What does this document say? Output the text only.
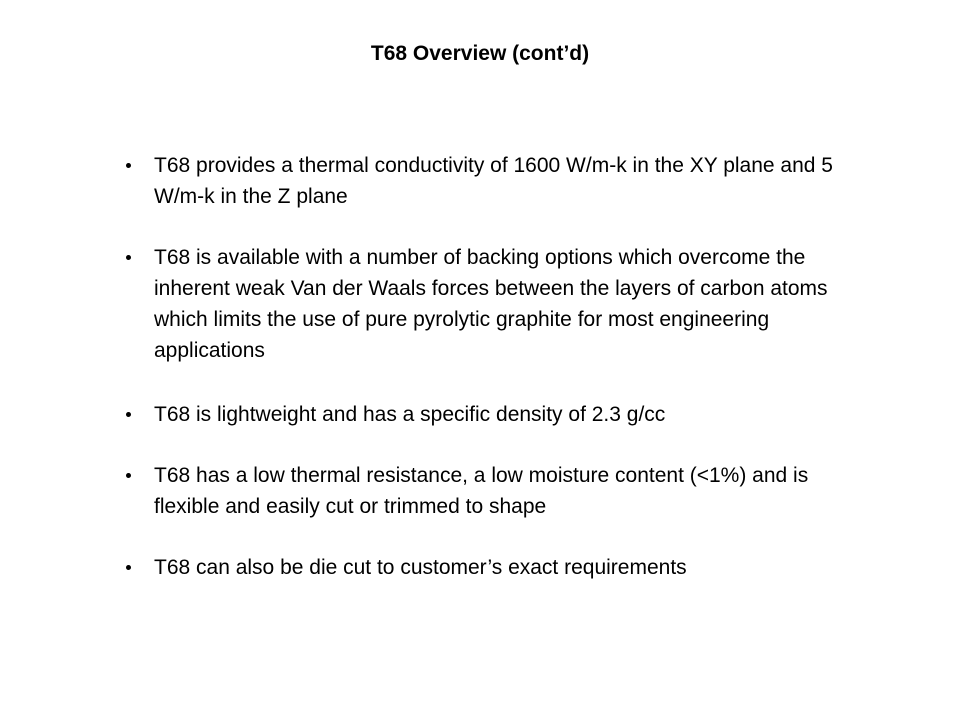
T68 Overview (cont’d)
T68 provides a thermal conductivity of 1600 W/m-k in the XY plane and 5 W/m-k in the Z plane
T68 is available with a number of backing options which overcome the inherent weak Van der Waals forces between the layers of carbon atoms which limits the use of pure pyrolytic graphite for most engineering applications
T68 is lightweight and has a specific density of 2.3 g/cc
T68 has a low thermal resistance, a low moisture content (<1%) and is flexible and easily cut or trimmed to shape
T68 can also be die cut to customer’s exact requirements
